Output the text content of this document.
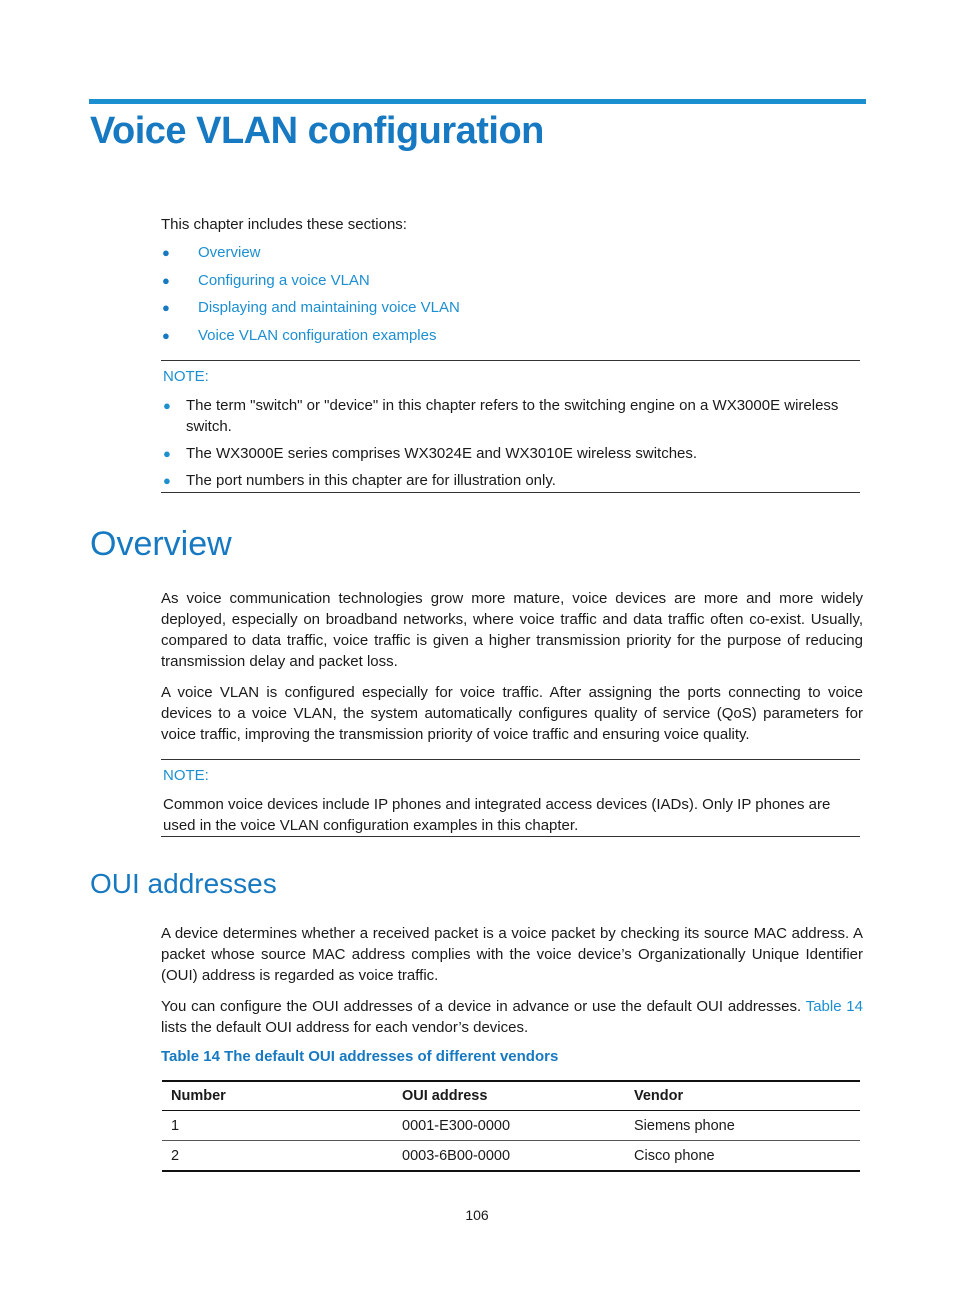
Voice VLAN configuration

This chapter includes these sections:

●	Overview
●	Configuring a voice VLAN
●	Displaying and maintaining voice VLAN
●	Voice VLAN configuration examples

NOTE:

●	The term "switch" or "device" in this chapter refers to the switching engine on a WX3000E wireless switch.
●	The WX3000E series comprises WX3024E and WX3010E wireless switches.
●	The port numbers in this chapter are for illustration only.
Overview

As voice communication technologies grow more mature, voice devices are more and more widely deployed, especially on broadband networks, where voice traffic and data traffic often co-exist. Usually, compared to data traffic, voice traffic is given a higher transmission priority for the purpose of reducing transmission delay and packet loss.

A voice VLAN is configured especially for voice traffic. After assigning the ports connecting to voice devices to a voice VLAN, the system automatically configures quality of service (QoS) parameters for voice traffic, improving the transmission priority of voice traffic and ensuring voice quality.

NOTE:

Common voice devices include IP phones and integrated access devices (IADs). Only IP phones are used in the voice VLAN configuration examples in this chapter.

OUI addresses

A device determines whether a received packet is a voice packet by checking its source MAC address. A packet whose source MAC address complies with the voice device’s Organizationally Unique Identifier (OUI) address is regarded as voice traffic.

You can configure the OUI addresses of a device in advance or use the default OUI addresses. Table 14 lists the default OUI address for each vendor’s devices.

Table 14 The default OUI addresses of different vendors

Number	OUI address	Vendor
1	0001-E300-0000	Siemens phone
2	0003-6B00-0000	Cisco phone

106
